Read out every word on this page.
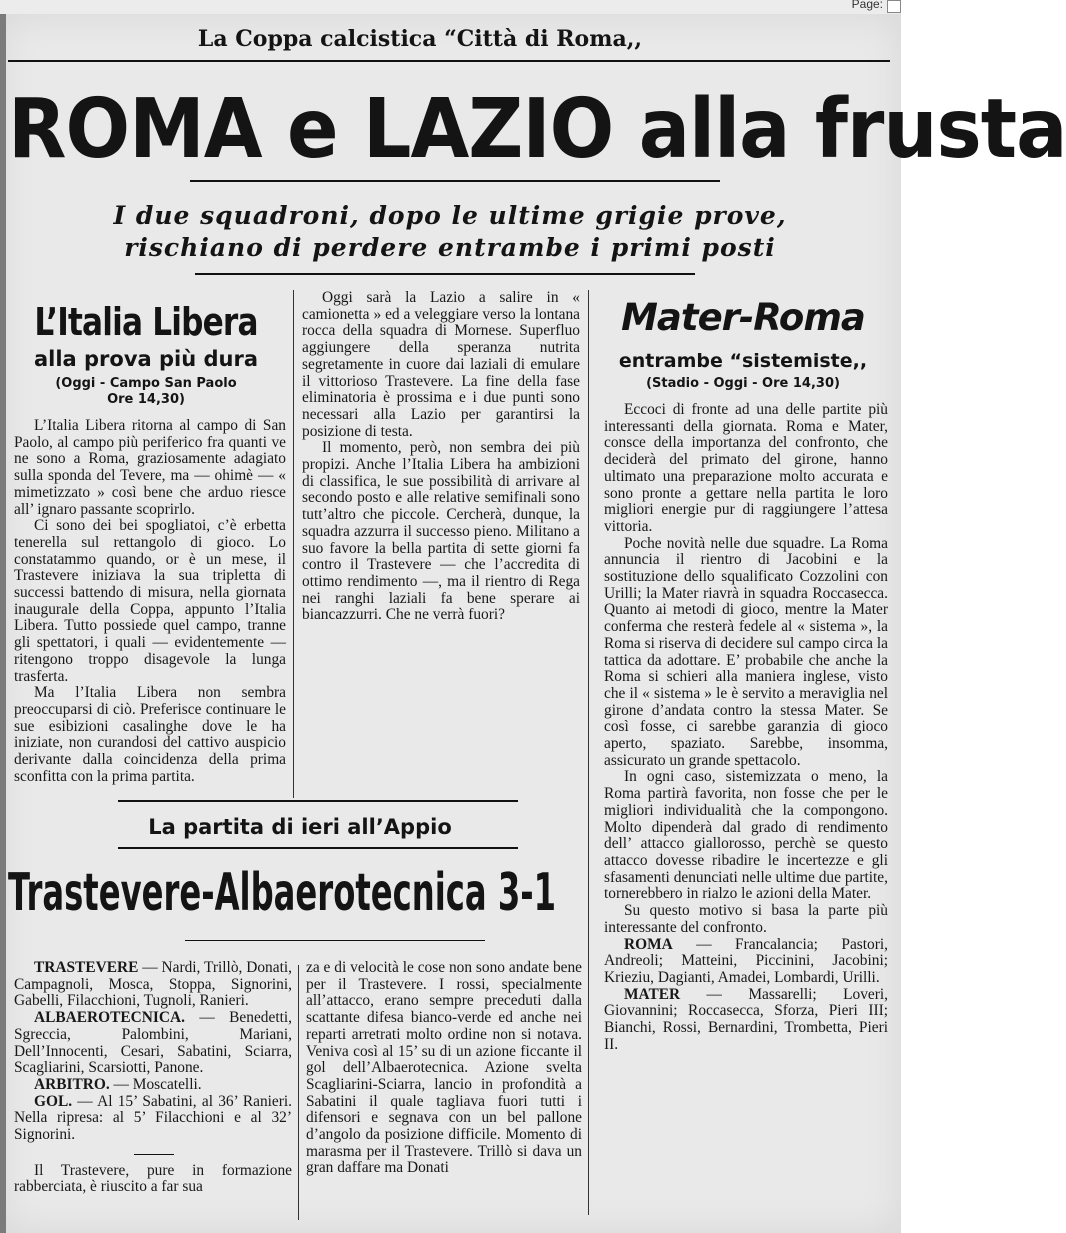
Page:
La Coppa calcistica “Città di Roma,,
ROMA e LAZIO alla frusta
I due squadroni, dopo le ultime grigie prove,
rischiano di perdere entrambe i primi posti
L’Italia Libera
alla prova più dura
(Oggi - Campo San Paolo
Ore 14,30)

L’Italia Libera ritorna al campo di San Paolo, al campo più periferico fra quanti ve ne sono a Roma, graziosamente adagiato sulla sponda del Tevere, ma — ohimè — « mimetizzato » così bene che arduo riesce all’ ignaro passante scoprirlo.

Ci sono dei bei spogliatoi, c’è erbetta tenerella sul rettangolo di gioco. Lo constatammo quando, or è un mese, il Trastevere iniziava la sua tripletta di successi battendo di misura, nella giornata inaugurale della Coppa, appunto l’Italia Libera. Tutto possiede quel campo, tranne gli spettatori, i quali — evidentemente — ritengono troppo disagevole la lunga trasferta.

Ma l’Italia Libera non sembra preoccuparsi di ciò. Preferisce continuare le sue esibizioni casalinghe dove le ha iniziate, non curandosi del cattivo auspicio derivante dalla coincidenza della prima sconfitta con la prima partita.

Oggi sarà la Lazio a salire in « camionetta » ed a veleggiare verso la lontana rocca della squadra di Mornese. Superfluo aggiungere della speranza nutrita segretamente in cuore dai laziali di emulare il vittorioso Trastevere. La fine della fase eliminatoria è prossima e i due punti sono necessari alla Lazio per garantirsi la posizione di testa.

Il momento, però, non sembra dei più propizi. Anche l’Italia Libera ha ambizioni di classifica, le sue possibilità di arrivare al secondo posto e alle relative semifinali sono tutt’altro che piccole. Cercherà, dunque, la squadra azzurra il successo pieno. Militano a suo favore la bella partita di sette giorni fa contro il Trastevere — che l’accredita di ottimo rendimento —, ma il rientro di Rega nei ranghi laziali fa bene sperare ai biancazzurri. Che ne verrà fuori?

Mater-Roma
entrambe “sistemiste,,
(Stadio - Oggi - Ore 14,30)

Eccoci di fronte ad una delle partite più interessanti della giornata. Roma e Mater, consce della importanza del confronto, che deciderà del primato del girone, hanno ultimato una preparazione molto accurata e sono pronte a gettare nella partita le loro migliori energie pur di raggiungere l’attesa vittoria.

Poche novità nelle due squadre. La Roma annuncia il rientro di Jacobini e la sostituzione dello squalificato Cozzolini con Urilli; la Mater riavrà in squadra Roccasecca. Quanto ai metodi di gioco, mentre la Mater conferma che resterà fedele al « sistema », la Roma si riserva di decidere sul campo circa la tattica da adottare. E’ probabile che anche la Roma si schieri alla maniera inglese, visto che il « sistema » le è servito a meraviglia nel girone d’andata contro la stessa Mater. Se così fosse, ci sarebbe garanzia di gioco aperto, spaziato. Sarebbe, insomma, assicurato un grande spettacolo.

In ogni caso, sistemizzata o meno, la Roma partirà favorita, non fosse che per le migliori individualità che la compongono. Molto dipenderà dal grado di rendimento dell’ attacco giallorosso, perchè se questo attacco dovesse ribadire le incertezze e gli sfasamenti denunciati nelle ultime due partite, tornerebbero in rialzo le azioni della Mater.

Su questo motivo si basa la parte più interessante del confronto.

ROMA — Francalancia; Pastori, Andreoli; Matteini, Piccinini, Jacobini; Krieziu, Dagianti, Amadei, Lombardi, Urilli.

MATER — Massarelli; Loveri, Giovannini; Roccasecca, Sforza, Pieri III; Bianchi, Rossi, Bernardini, Trombetta, Pieri II.

La partita di ieri all’Appio
Trastevere-Albaerotecnica 3-1

TRASTEVERE — Nardi, Trillò, Donati, Campagnoli, Mosca, Stoppa, Signorini, Gabelli, Filacchioni, Tugnoli, Ranieri.

ALBAEROTECNICA. — Benedetti, Sgreccia, Palombini, Mariani, Dell’Innocenti, Cesari, Sabatini, Sciarra, Scagliarini, Scarsiotti, Panone.

ARBITRO. — Moscatelli.

GOL. — Al 15’ Sabatini, al 36’ Ranieri. Nella ripresa: al 5’ Filacchioni e al 32’ Signorini.

Il Trastevere, pure in formazione rabberciata, è riuscito a far sua

za e di velocità le cose non sono andate bene per il Trastevere. I rossi, specialmente all’attacco, erano sempre preceduti dalla scattante difesa bianco-verde ed anche nei reparti arretrati molto ordine non si notava. Veniva così al 15’ su di un azione ficcante il gol dell’Albaerotecnica. Azione svelta Scagliarini-Sciarra, lancio in profondità a Sabatini il quale tagliava fuori tutti i difensori e segnava con un bel pallone d’angolo da posizione difficile. Momento di marasma per il Trastevere. Trillò si dava un gran daffare ma Donati
